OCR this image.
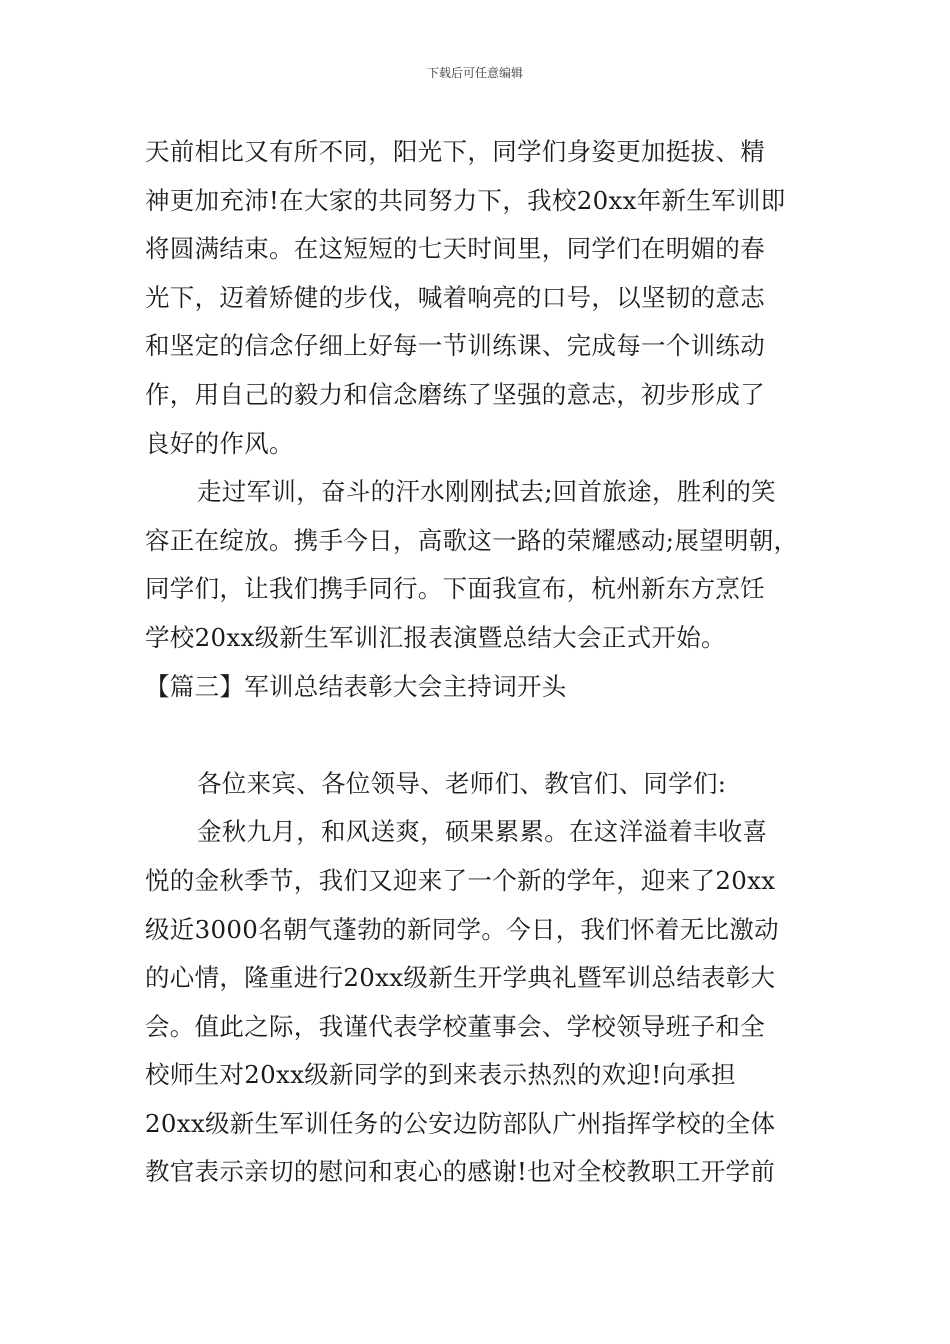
下载后可任意编辑
天前相比又有所不同，阳光下，同学们身姿更加挺拔、精
神更加充沛!在大家的共同努力下，我校20xx年新生军训即
将圆满结束。在这短短的七天时间里，同学们在明媚的春
光下，迈着矫健的步伐，喊着响亮的口号，以坚韧的意志
和坚定的信念仔细上好每一节训练课、完成每一个训练动
作，用自己的毅力和信念磨练了坚强的意志，初步形成了
良好的作风。
走过军训，奋斗的汗水刚刚拭去;回首旅途，胜利的笑
容正在绽放。携手今日，高歌这一路的荣耀感动;展望明朝，
同学们，让我们携手同行。下面我宣布，杭州新东方烹饪
学校20xx级新生军训汇报表演暨总结大会正式开始。
【篇三】军训总结表彰大会主持词开头
各位来宾、各位领导、老师们、教官们、同学们:
金秋九月，和风送爽，硕果累累。在这洋溢着丰收喜
悦的金秋季节，我们又迎来了一个新的学年，迎来了20xx
级近3000名朝气蓬勃的新同学。今日，我们怀着无比激动
的心情，隆重进行20xx级新生开学典礼暨军训总结表彰大
会。值此之际，我谨代表学校董事会、学校领导班子和全
校师生对20xx级新同学的到来表示热烈的欢迎!向承担
20xx级新生军训任务的公安边防部队广州指挥学校的全体
教官表示亲切的慰问和衷心的感谢!也对全校教职工开学前
